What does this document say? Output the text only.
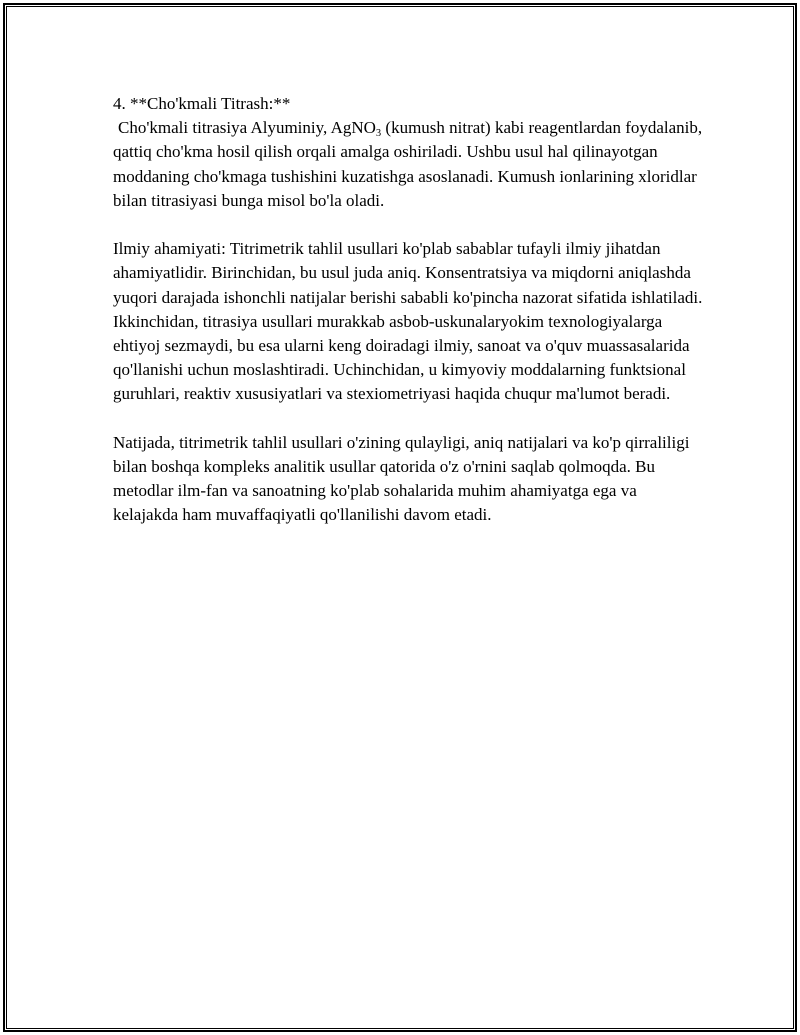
4. **Cho'kmali Titrash:**

Cho'kmali titrasiya Alyuminiy, AgNO$_3$ (kumush nitrat) kabi reagentlardan foydalanib, qattiq cho'kma hosil qilish orqali amalga oshiriladi. Ushbu usul hal qilinayotgan moddaning cho'kmaga tushishini kuzatishga asoslanadi. Kumush ionlarining xloridlar bilan titrasiyasi bunga misol bo'la oladi.

Ilmiy ahamiyati: Titrimetrik tahlil usullari ko'plab sabablar tufayli ilmiy jihatdan ahamiyatlidir. Birinchidan, bu usul juda aniq. Konsentratsiya va miqdorni aniqlashda yuqori darajada ishonchli natijalar berishi sababli ko'pincha nazorat sifatida ishlatiladi. Ikkinchidan, titrasiya usullari murakkab asbob-uskunalaryokim texnologiyalarga ehtiyoj sezmaydi, bu esa ularni keng doiradagi ilmiy, sanoat va o'quv muassasalarida qo'llanishi uchun moslashtiradi. Uchinchidan, u kimyoviy moddalarning funktsional guruhlari, reaktiv xususiyatlari va stexiometriyasi haqida chuqur ma'lumot beradi.

Natijada, titrimetrik tahlil usullari o'zining qulayligi, aniq natijalari va ko'p qirraliligi bilan boshqa kompleks analitik usullar qatorida o'z o'rnini saqlab qolmoqda. Bu metodlar ilm-fan va sanoatning ko'plab sohalarida muhim ahamiyatga ega va kelajakda ham muvaffaqiyatli qo'llanilishi davom etadi.
